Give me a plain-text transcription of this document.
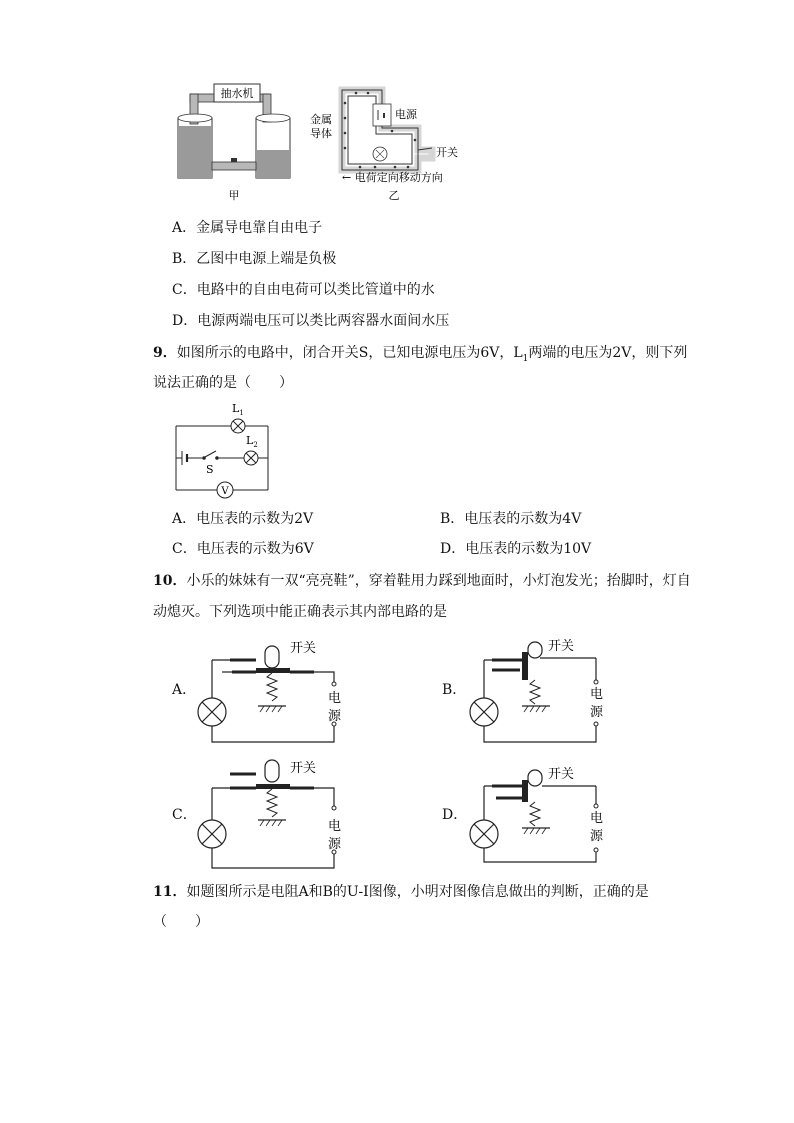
抽水机
甲
电源
开关
金属
导体
← 电荷定向移动方向
乙
A．金属导电靠自由电子
B．乙图中电源上端是负极
C．电路中的自由电荷可以类比管道中的水
D．电源两端电压可以类比两容器水面间水压
9．如图所示的电路中，闭合开关S，已知电源电压为6V，$L_1$两端的电压为2V，则下列
说法正确的是（　　）
$L_1$
S
$L_2$
V
A．电压表的示数为2V	B．电压表的示数为4V
C．电压表的示数为6V	D．电压表的示数为10V
10．小乐的妹妹有一双“亮亮鞋”，穿着鞋用力踩到地面时，小灯泡发光；抬脚时，灯自
动熄灭。下列选项中能正确表示其内部电路的是
A．	B．
C．	D．
开关
电
源
开关
电
源
开关
电
源
开关
电
源
11．如题图所示是电阻A和B的U-I图像，小明对图像信息做出的判断，正确的是
（　　）
